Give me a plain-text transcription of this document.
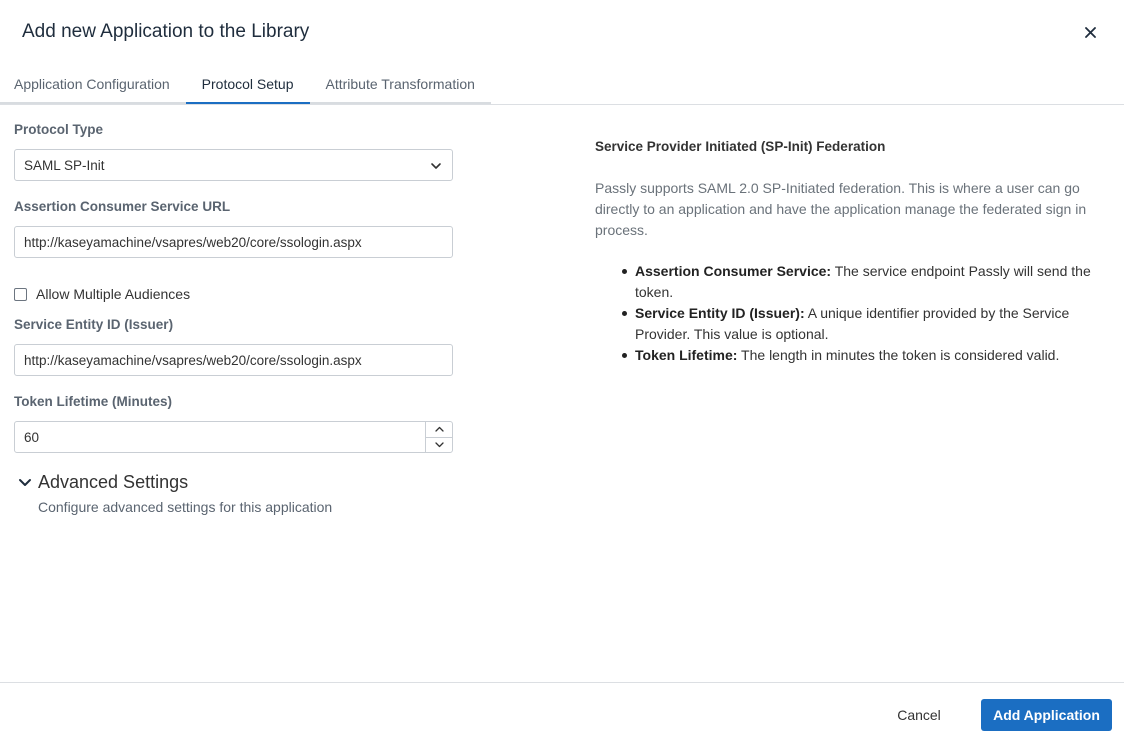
Add new Application to the Library
Application Configuration	Protocol Setup	Attribute Transformation
Protocol Type
SAML SP-Init
Assertion Consumer Service URL
http://kaseyamachine/vsapres/web20/core/ssologin.aspx
Allow Multiple Audiences
Service Entity ID (Issuer)
http://kaseyamachine/vsapres/web20/core/ssologin.aspx
Token Lifetime (Minutes)
60
Advanced Settings
Configure advanced settings for this application
Service Provider Initiated (SP-Init) Federation
Passly supports SAML 2.0 SP-Initiated federation. This is where a user can go directly to an application and have the application manage the federated sign in process.
Assertion Consumer Service: The service endpoint Passly will send the token.
Service Entity ID (Issuer): A unique identifier provided by the Service Provider. This value is optional.
Token Lifetime: The length in minutes the token is considered valid.
Cancel	Add Application
